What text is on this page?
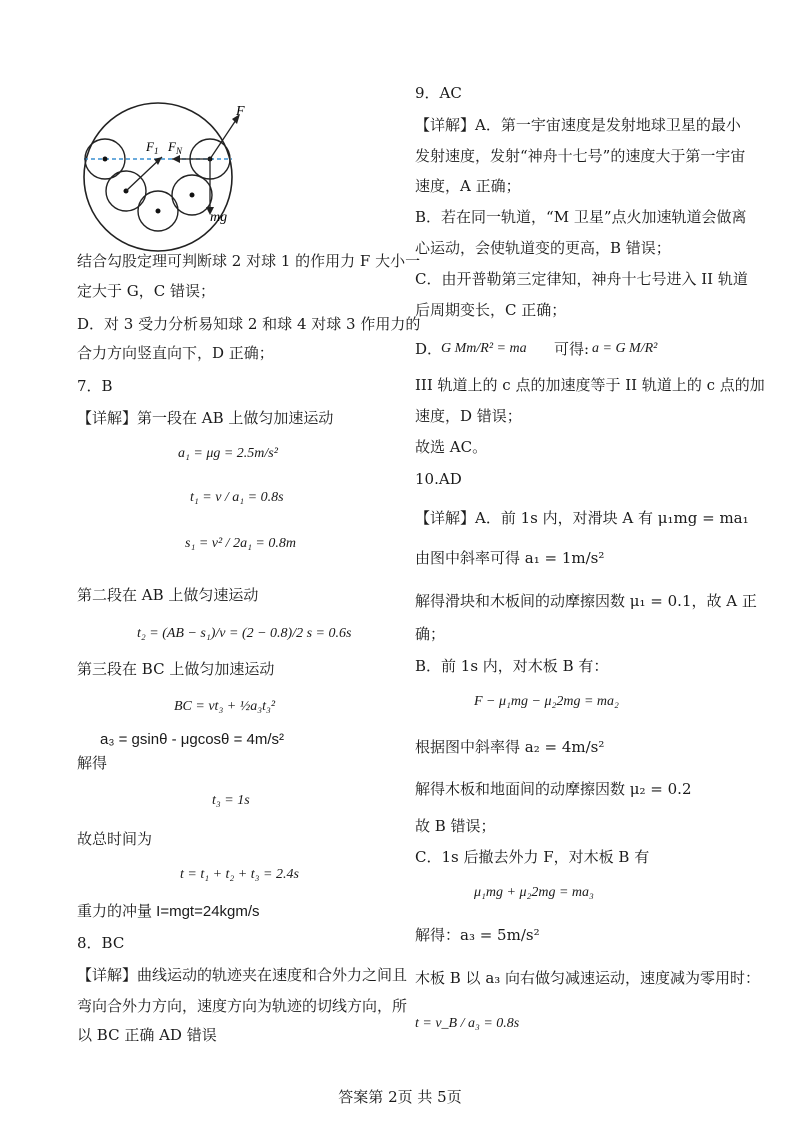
F
$F_1$ $F_N$
mg
结合勾股定理可判断球 2 对球 1 的作用力 F 大小一
定大于 G，C 错误；
D．对 3 受力分析易知球 2 和球 4 对球 3 作用力的
合力方向竖直向下，D 正确；
7．B
【详解】第一段在 AB 上做匀加速运动
a₁ = μg = 2.5m/s²
t₁ = v / a₁ = 0.8s
s₁ = v² / 2a₁ = 0.8m
第二段在 AB 上做匀速运动
t₂ = (AB − s₁)/v = (2 − 0.8)/2 s = 0.6s
第三段在 BC 上做匀加速运动
BC = vt₃ + ½a₃t₃²
a₃ = gsinθ - μgcosθ = 4m/s²
解得
t₃ = 1s
故总时间为
t = t₁ + t₂ + t₃ = 2.4s
重力的冲量 I=mgt=24kgm/s
8．BC
【详解】曲线运动的轨迹夹在速度和合外力之间且
弯向合外力方向，速度方向为轨迹的切线方向，所
以 BC 正确 AD 错误
9．AC
【详解】A．第一宇宙速度是发射地球卫星的最小
发射速度，发射“神舟十七号”的速度大于第一宇宙
速度，A 正确；
B．若在同一轨道，“M 卫星”点火加速轨道会做离
心运动，会使轨道变的更高，B 错误；
C．由开普勒第三定律知，神舟十七号进入 II 轨道
后周期变长，C 正确；
D．
G Mm/R² = ma 可得: a = G M/R²
III 轨道上的 c 点的加速度等于 II 轨道上的 c 点的加
速度，D 错误；
故选 AC。
10.AD
【详解】A．前 1s 内，对滑块 A 有 μ₁mg = ma₁
由图中斜率可得 a₁ = 1m/s²
解得滑块和木板间的动摩擦因数 μ₁ = 0.1，故 A 正
确；
B．前 1s 内，对木板 B 有：
F − μ₁mg − μ₂2mg = ma₂
根据图中斜率得 a₂ = 4m/s²
解得木板和地面间的动摩擦因数 μ₂ = 0.2
故 B 错误；
C．1s 后撤去外力 F，对木板 B 有
μ₁mg + μ₂2mg = ma₃
解得：a₃ = 5m/s²
木板 B 以 a₃ 向右做匀减速运动，速度减为零用时：
t = v_B / a₃ = 0.8s
答案第 2页 共 5页
